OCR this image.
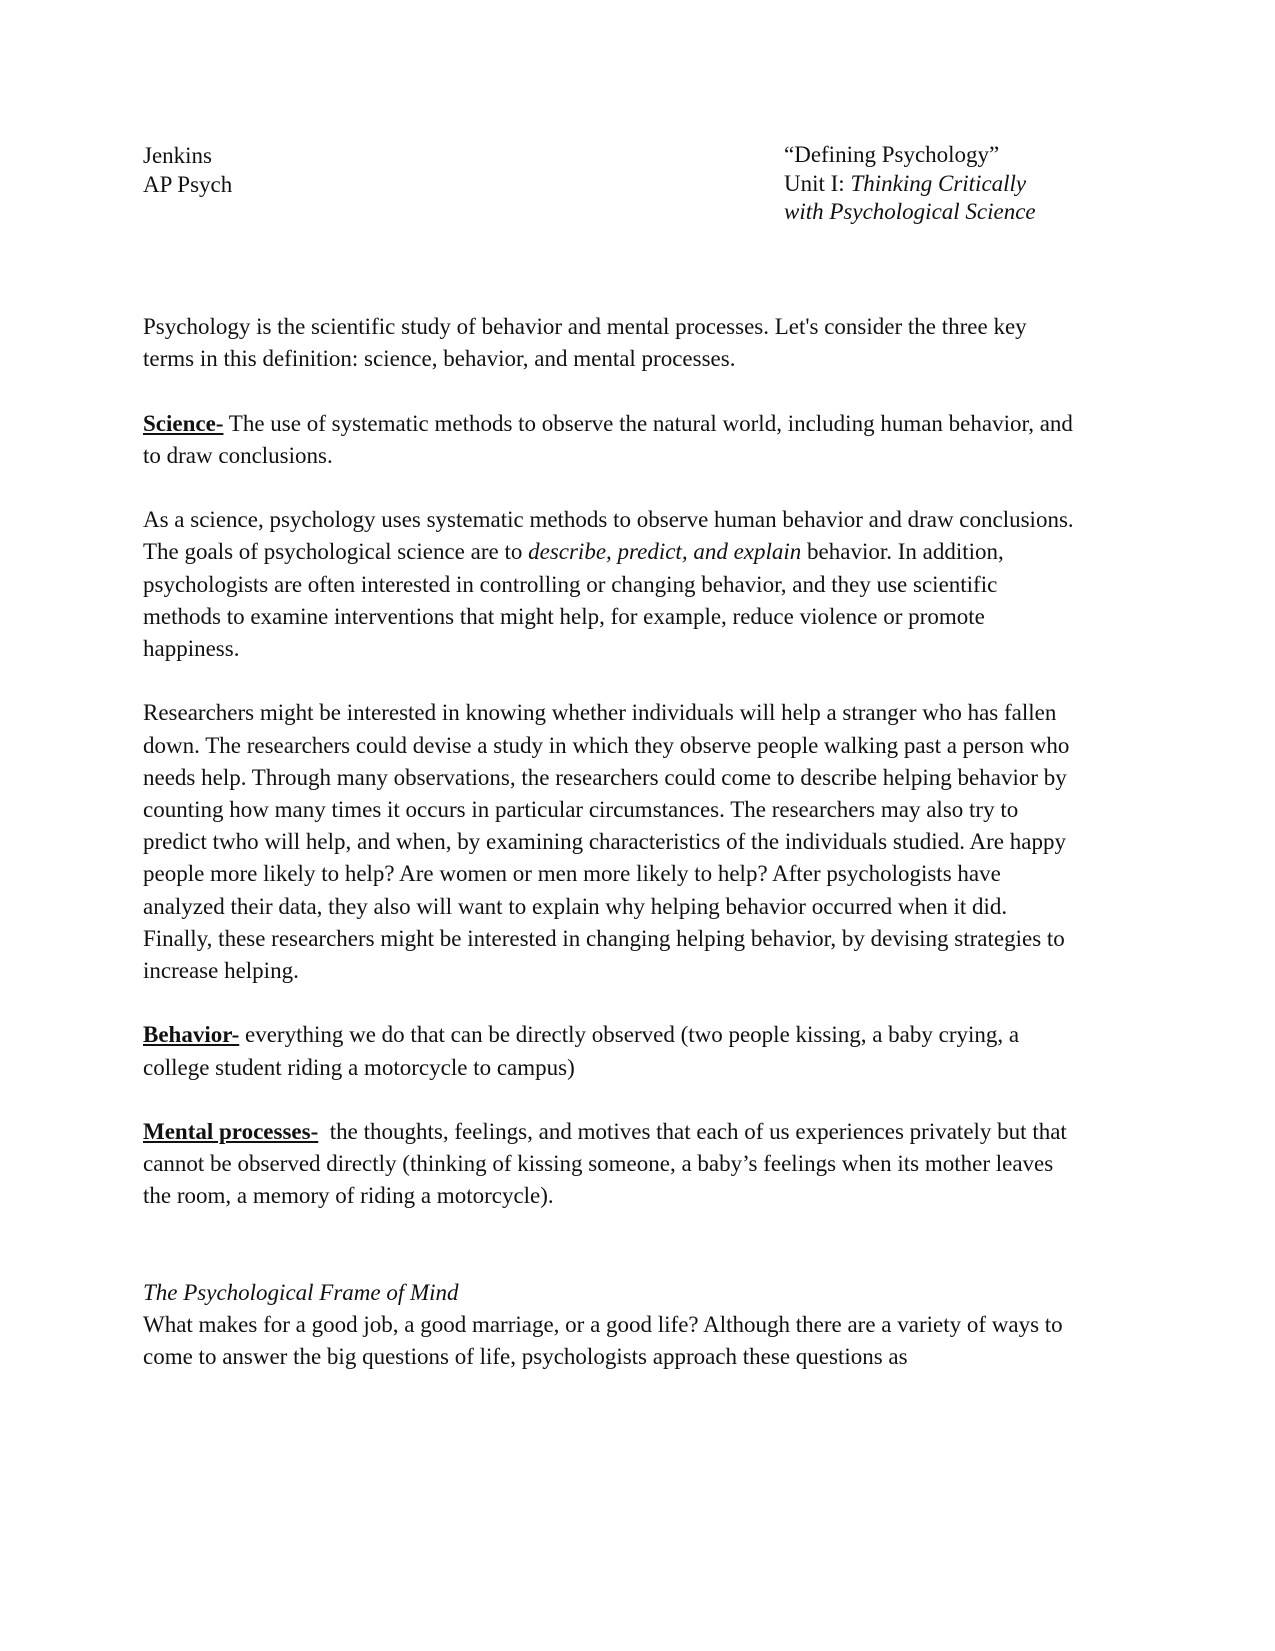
Jenkins
AP Psych
“Defining Psychology”
Unit I: Thinking Critically
with Psychological Science

Psychology is the scientific study of behavior and mental processes. Let's consider the three key terms in this definition: science, behavior, and mental processes.

Science- The use of systematic methods to observe the natural world, including human behavior, and to draw conclusions.

As a science, psychology uses systematic methods to observe human behavior and draw conclusions. The goals of psychological science are to describe, predict, and explain behavior. In addition, psychologists are often interested in controlling or changing behavior, and they use scientific methods to examine interventions that might help, for example, reduce violence or promote happiness.

Researchers might be interested in knowing whether individuals will help a stranger who has fallen down. The researchers could devise a study in which they observe people walking past a person who needs help. Through many observations, the researchers could come to describe helping behavior by counting how many times it occurs in particular circumstances. The researchers may also try to predict twho will help, and when, by examining characteristics of the individuals studied. Are happy people more likely to help? Are women or men more likely to help? After psychologists have analyzed their data, they also will want to explain why helping behavior occurred when it did. Finally, these researchers might be interested in changing helping behavior, by devising strategies to increase helping.

Behavior- everything we do that can be directly observed (two people kissing, a baby crying, a college student riding a motorcycle to campus)

Mental processes-  the thoughts, feelings, and motives that each of us experiences privately but that cannot be observed directly (thinking of kissing someone, a baby’s feelings when its mother leaves the room, a memory of riding a motorcycle).

The Psychological Frame of Mind
What makes for a good job, a good marriage, or a good life? Although there are a variety of ways to come to answer the big questions of life, psychologists approach these questions as
